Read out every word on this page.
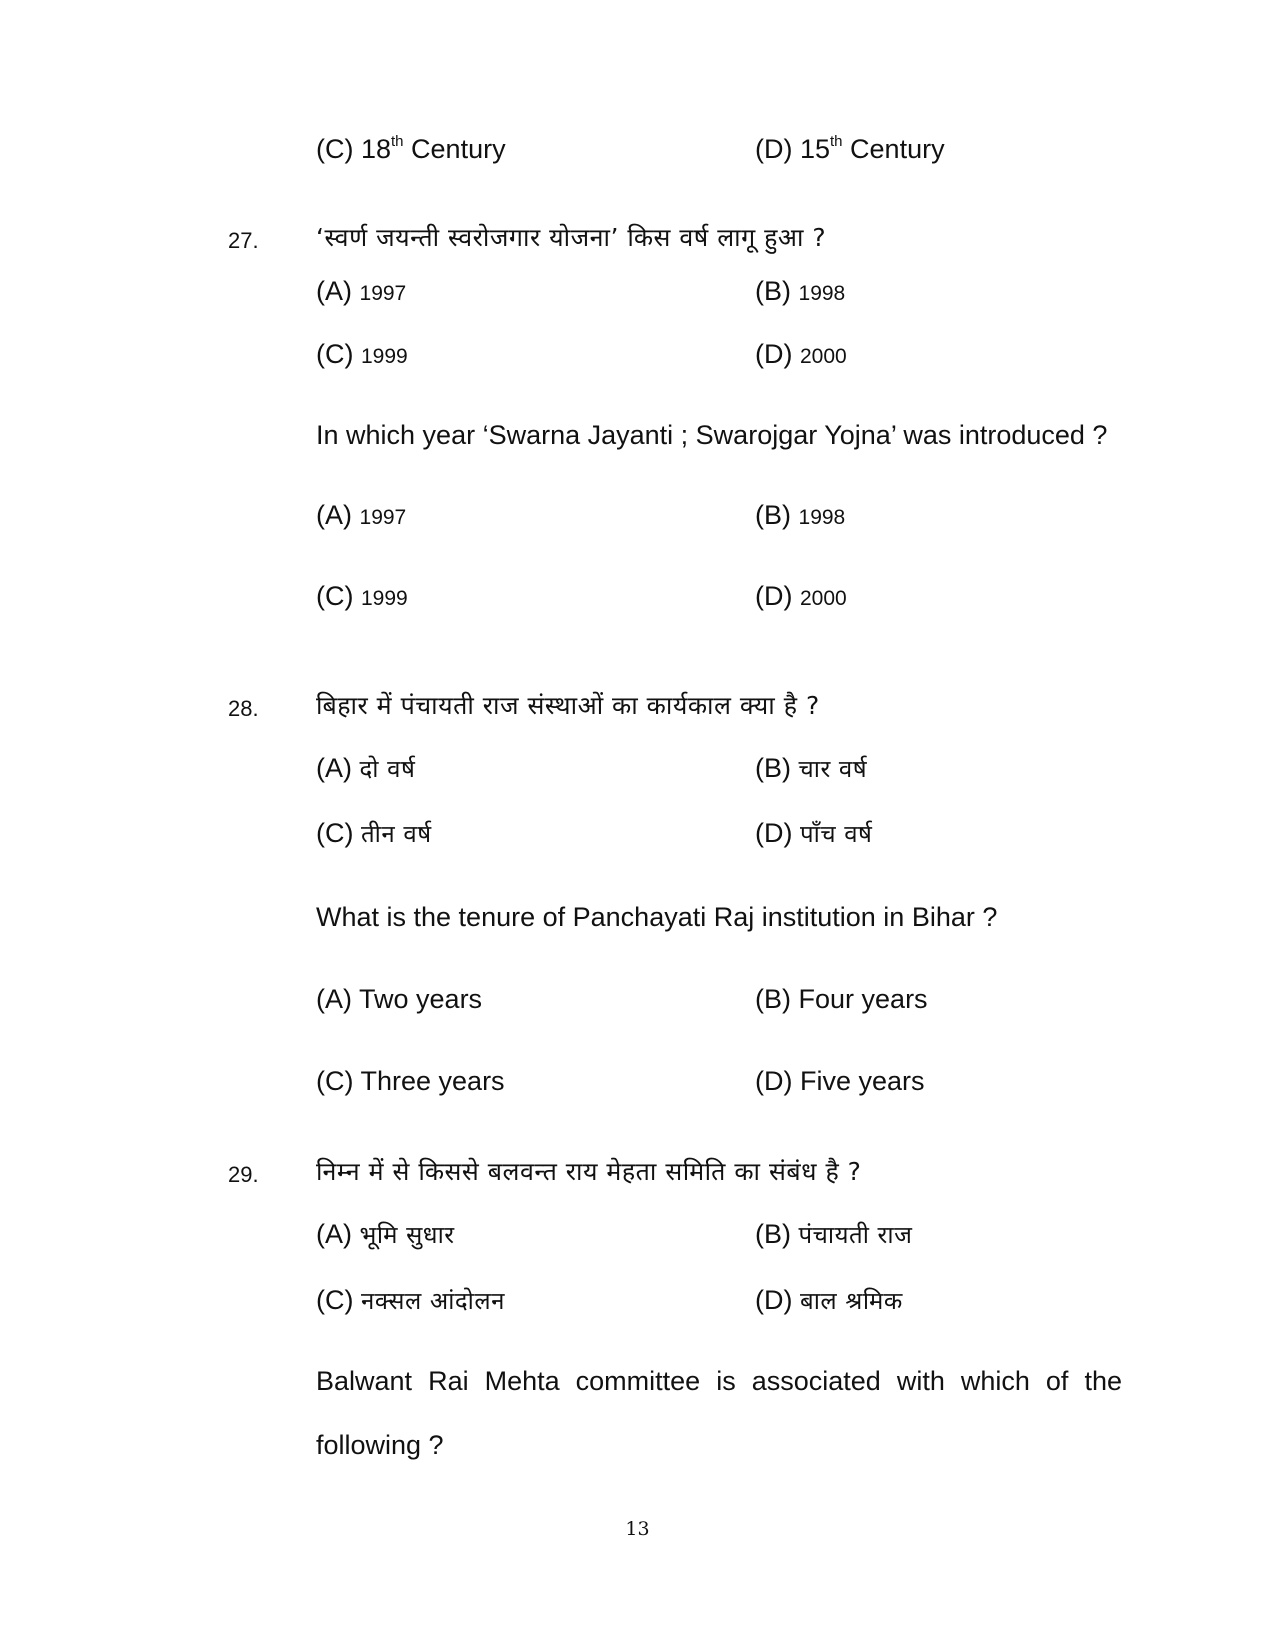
(C) 18th Century	(D) 15th Century
27. ‘स्वर्ण जयन्ती स्वरोजगार योजना’ किस वर्ष लागू हुआ ?
(A) 1997	(B) 1998
(C) 1999	(D) 2000
In which year ‘Swarna Jayanti ; Swarojgar Yojna’ was introduced ?
(A) 1997	(B) 1998
(C) 1999	(D) 2000
28. बिहार में पंचायती राज संस्थाओं का कार्यकाल क्या है ?
(A) दो वर्ष	(B) चार वर्ष
(C) तीन वर्ष	(D) पाँच वर्ष
What is the tenure of Panchayati Raj institution in Bihar ?
(A) Two years	(B) Four years
(C) Three years	(D) Five years
29. निम्न में से किससे बलवन्त राय मेहता समिति का संबंध है ?
(A) भूमि सुधार	(B) पंचायती राज
(C) नक्सल आंदोलन	(D) बाल श्रमिक
Balwant Rai Mehta committee is associated with which of the
following ?
13
